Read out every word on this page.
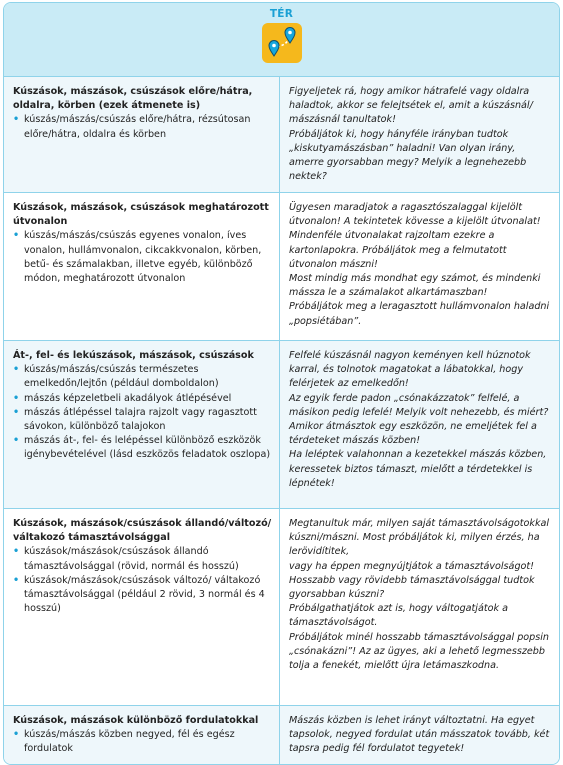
TÉR
Kúszások, mászások, csúszások előre/hátra, oldalra, körben (ezek átmenete is)
• kúszás/mászás/csúszás előre/hátra, rézsútosan előre/hátra, oldalra és körben

Figyeljetek rá, hogy amikor hátrafelé vagy oldalra haladtok, akkor se felejtsétek el, amit a kúszásnál/ mászásnál tanultatok!

Próbáljátok ki, hogy hányféle irányban tudtok „kiskutyamászásban” haladni! Van olyan irány, amerre gyorsabban megy? Melyik a legnehezebb nektek?

Kúszások, mászások, csúszások meghatározott útvonalon
• kúszás/mászás/csúszás egyenes vonalon, íves vonalon, hullámvonalon, cikcakkvonalon, körben, betű- és számalakban, illetve egyéb, különböző módon, meghatározott útvonalon

Ügyesen maradjatok a ragasztószalaggal kijelölt útvonalon! A tekintetek kövesse a kijelölt útvonalat!

Mindenféle útvonalakat rajzoltam ezekre a kartonlapokra. Próbáljátok meg a felmutatott útvonalon mászni!

Most mindig más mondhat egy számot, és mindenki mássza le a számalakot alkartámaszban!

Próbáljátok meg a leragasztott hullámvonalon haladni „popsiétában”.

Át-, fel- és lekúszások, mászások, csúszások
• kúszás/mászás/csúszás természetes emelkedőn/lejtőn (például domboldalon)
• mászás képzeletbeli akadályok átlépésével
• mászás átlépéssel talajra rajzolt vagy ragasztott sávokon, különböző talajokon
• mászás át-, fel- és lelépéssel különböző eszközök igénybevételével (lásd eszközös feladatok oszlopa)

Felfelé kúszásnál nagyon keményen kell húznotok karral, és tolnotok magatokat a lábatokkal, hogy felérjetek az emelkedőn!

Az egyik ferde padon „csónakázzatok” felfelé, a másikon pedig lefelé! Melyik volt nehezebb, és miért?

Amikor átmásztok egy eszközön, ne emeljétek fel a térdeteket mászás közben!

Ha leléptek valahonnan a kezetekkel mászás közben, keressetek biztos támaszt, mielőtt a térdetekkel is lépnétek!

Kúszások, mászások/csúszások állandó/változó/ váltakozó támasztávolsággal
• kúszások/mászások/csúszások állandó támasztávolsággal (rövid, normál és hosszú)
• kúszások/mászások/csúszások változó/ váltakozó támasztávolsággal (például 2 rövid, 3 normál és 4 hosszú)

Megtanultuk már, milyen saját támasztávolságotokkal kúszni/mászni. Most próbáljátok ki, milyen érzés, ha lerövidítitek,

vagy ha éppen megnyújtjátok a támasztávolságot!

Hosszabb vagy rövidebb támasztávolsággal tudtok gyorsabban kúszni?

Próbálgathatjátok azt is, hogy váltogatjátok a támasztávolságot.

Próbáljátok minél hosszabb támasztávolsággal popsin „csónakázni”! Az az ügyes, aki a lehető legmesszebb tolja a fenekét, mielőtt újra letámaszkodna.

Kúszások, mászások különböző fordulatokkal
• kúszás/mászás közben negyed, fél és egész fordulatok

Mászás közben is lehet irányt változtatni. Ha egyet tapsolok, negyed fordulat után másszatok tovább, két tapsra pedig fél fordulatot tegyetek!
